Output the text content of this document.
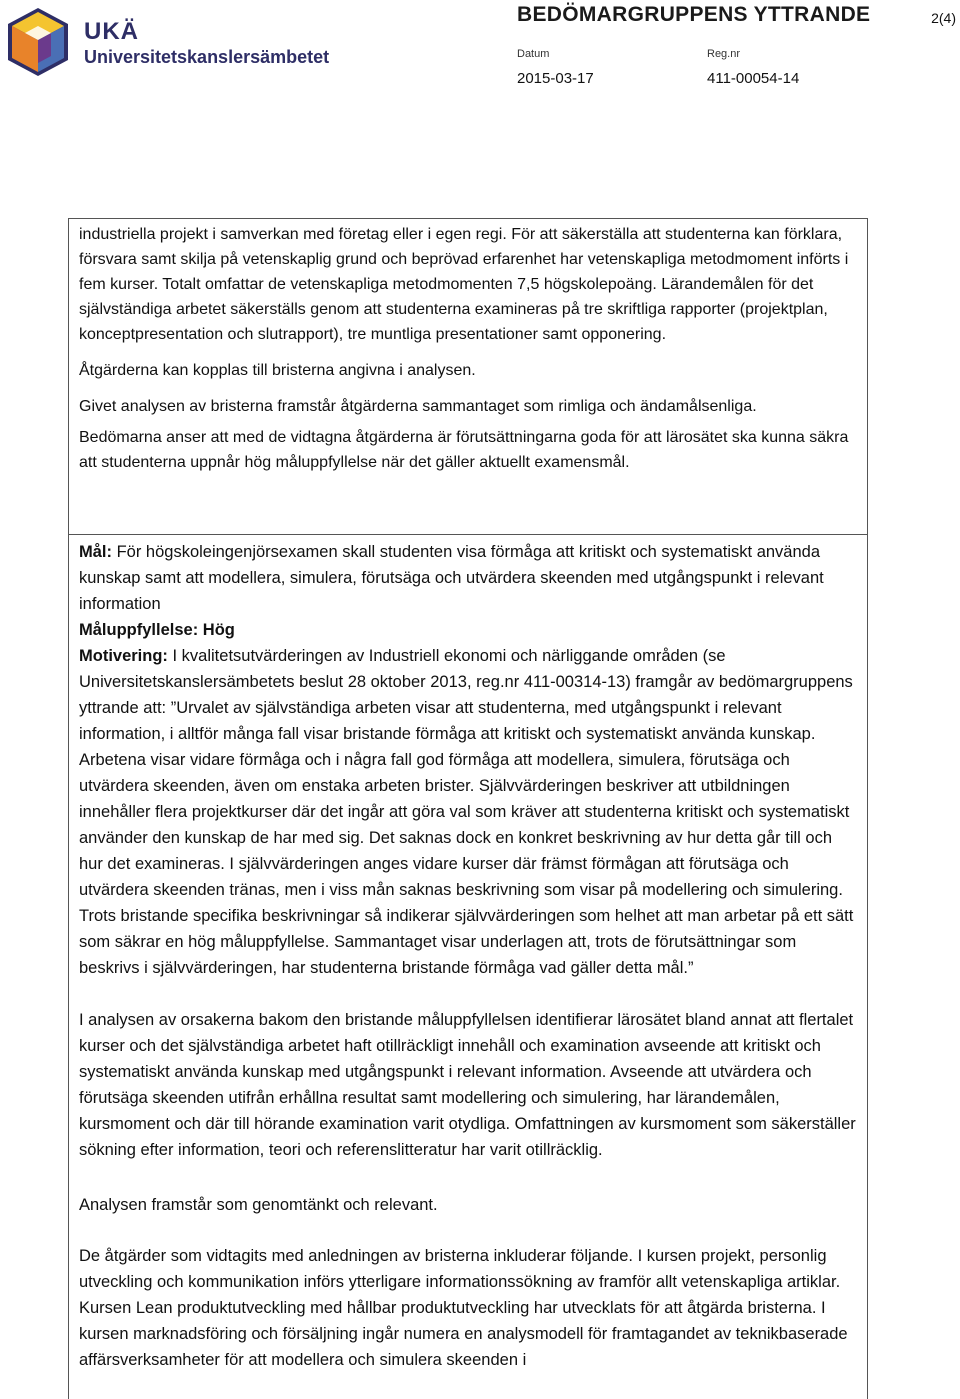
UKÄ
Universitetskanslersämbetet
BEDÖMARGRUPPENS YTTRANDE	2(4)
Datum	Reg.nr
2015-03-17	411-00054-14

industriella projekt i samverkan med företag eller i egen regi. För att säkerställa att studenterna kan förklara, försvara samt skilja på vetenskaplig grund och beprövad erfarenhet har vetenskapliga metodmoment införts i fem kurser. Totalt omfattar de vetenskapliga metodmomenten 7,5 högskolepoäng. Lärandemålen för det självständiga arbetet säkerställs genom att studenterna examineras på tre skriftliga rapporter (projektplan, konceptpresentation och slutrapport), tre muntliga presentationer samt opponering.

Åtgärderna kan kopplas till bristerna angivna i analysen.

Givet analysen av bristerna framstår åtgärderna sammantaget som rimliga och ändamålsenliga.

Bedömarna anser att med de vidtagna åtgärderna är förutsättningarna goda för att lärosätet ska kunna säkra att studenterna uppnår hög måluppfyllelse när det gäller aktuellt examensmål.

Mål: För högskoleingenjörsexamen skall studenten visa förmåga att kritiskt och systematiskt använda kunskap samt att modellera, simulera, förutsäga och utvärdera skeenden med utgångspunkt i relevant information

Måluppfyllelse: Hög

Motivering: I kvalitetsutvärderingen av Industriell ekonomi och närliggande områden (se Universitetskanslersämbetets beslut 28 oktober 2013, reg.nr 411-00314-13) framgår av bedömargruppens yttrande att: ”Urvalet av självständiga arbeten visar att studenterna, med utgångspunkt i relevant information, i alltför många fall visar bristande förmåga att kritiskt och systematiskt använda kunskap. Arbetena visar vidare förmåga och i några fall god förmåga att modellera, simulera, förutsäga och utvärdera skeenden, även om enstaka arbeten brister. Självvärderingen beskriver att utbildningen innehåller flera projektkurser där det ingår att göra val som kräver att studenterna kritiskt och systematiskt använder den kunskap de har med sig. Det saknas dock en konkret beskrivning av hur detta går till och hur det examineras. I självvärderingen anges vidare kurser där främst förmågan att förutsäga och utvärdera skeenden tränas, men i viss mån saknas beskrivning som visar på modellering och simulering. Trots bristande specifika beskrivningar så indikerar självvärderingen som helhet att man arbetar på ett sätt som säkrar en hög måluppfyllelse. Sammantaget visar underlagen att, trots de förutsättningar som beskrivs i självvärderingen, har studenterna bristande förmåga vad gäller detta mål.”

I analysen av orsakerna bakom den bristande måluppfyllelsen identifierar lärosätet bland annat att flertalet kurser och det självständiga arbetet haft otillräckligt innehåll och examination avseende att kritiskt och systematiskt använda kunskap med utgångspunkt i relevant information. Avseende att utvärdera och förutsäga skeenden utifrån erhållna resultat samt modellering och simulering, har lärandemålen, kursmoment och där till hörande examination varit otydliga. Omfattningen av kursmoment som säkerställer sökning efter information, teori och referenslitteratur har varit otillräcklig.

Analysen framstår som genomtänkt och relevant.

De åtgärder som vidtagits med anledningen av bristerna inkluderar följande. I kursen projekt, personlig utveckling och kommunikation införs ytterligare informationssökning av framför allt vetenskapliga artiklar. Kursen Lean produktutveckling med hållbar produktutveckling har utvecklats för att åtgärda bristerna. I kursen marknadsföring och försäljning ingår numera en analysmodell för framtagandet av teknikbaserade affärsverksamheter för att modellera och simulera skeenden i
